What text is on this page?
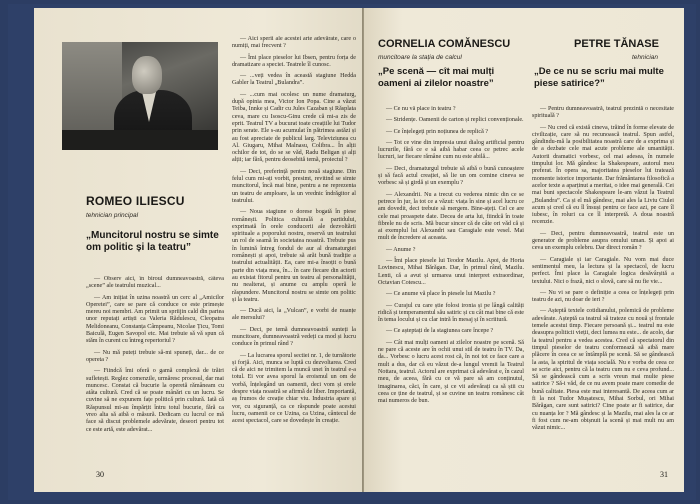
ROMEO ILIESCU
tehnician principal
„Muncitorul nostru se simte om politic și la teatru”

— Observ aici, în biroul dumneavoastră, câteva „scene” ale teatrului muzical...

— Am inițiat în uzina noastră un cerc al „Amicilor Operetei”, care se pare că conduce ce este primește mereu noi membri. Am primit un spriijin cald din partea unor reputați artiști ca Valeria Rădulescu, Cleopatra Melidoneanu, Constanța Câmpeanu, Nicolae Țicu, Tomi Baiculă, Eugen Savopol etc. Mai trebuie să vă spun că stăm în curent cu întreg repertoriul ?

— Nu mă puteți trebuie să-mi spuneți, dar... de ce opereta ?

— Fiindcă îmi oferă o gamă complexă de trăiri sufletești. Reglez comenzile, urmăresc procesul, dar mai muncesc. Constat că bucurie la operetă rămâneam cu atâta cultură. Cred că se poate mânări cu un lucru. Se cuvine să ne expunem fațe politică prin cultură. Iată că Răspunsul mi-au împărțit întru totul bucurie, fără ca vreo alta să aibă o măsură. Dedicam cu lucrul ce mă face să discut problemele adevărate, deseori pentru tot ce este artă, este adevărat...

— Aici sperii ale acestei arte adevărate, care o numiți, mai frecvent ?

— Îmi place pieselor lui Ibsen, pentru forța de dramatizare a speciei. Teatrele îl cunosc.

— ...veți vedea în această stagiune Hedda Gabler la Teatrul „Bulandra”.

— ...cum mai ocolesc un nume dramaturg, după opinia mea, Victor Ion Popa. Cine a văzut Teiba, Innke și Cadir cu Jules Cazaban și Răsplata ceva, mare cu Isoscu-Ginu crede că mi-a zis de eprit. Teatrul TV a bucurat toate creațiile lui Tudor prin serate. Ele s-au acumulat în pătrimea astăzi și au fost apreciate de publicul larg. Televiziunea cu Al. Giugaru, Mihai Malnasu, Colibra... În alții ochilor de tot, do se se văd, Radu Beligan și alți alții; iar fără, pentru deosebită temă, proiectul ?

— Deci, preferință pentru nouă stagiune. Din felul cum mi-ați vorbit, presimt, revitind se simte muncitorul, încă mai bine, pentru a ne reprezenta un teatru de amploare, la un vrednic îndrăgitor al teatrului.

— Noua stagiune o dorese bogată în piese românești. Politica culturală a partidului, exprimată în orele conducerii ale dezvoltării spirituale a poporului nostru, reservă un teatrului un rol de seamă în societatea noastră. Trebuie pus în lumină întreg fondul de aur al dramaturgiei românești și apoi, trebuie să arăt bună tradiție a teatrului actualității. Ea, care mi-a însoțit o bună parte din viața mea, în... în care fiecare din actorii au existat fitorul pentru un teatru al personalității, nu nealterat, și anume cu amplu operă le răspundere. Muncitorul nostru se simte om politic și la teatru.

— Ducă aici, la „Vulcan”, e vorbi de nuanțe ale mersului?

— Deci, pe temă dumneavoastră sunteți la muncitoare, dumneavoastră vedeți ca mod și lucru conduce în primul rând ?

— La lucrarea sporul sectiei nr. 1, de turnătorie și forjă. Aici, munca se luptă cu dezvoltarea. Cred că de aici ne trimitem la muncă unei în teatrul e-a totul. Ei vor avea sporul la eroismul un om de vorbă, înțelegând un oamenii, deci vom și erele despre viața noastră se afirmă de liber. Importantă, aș frumos de creație chiar viu. Industria apare și vor, cu siguranță, ca ce răspunde poate acestui lucru, oamenii ce ce Uzina, ca Uzina, cântecul de acest spectacol, care se dovedește în creație.

30
CORNELIA COMĂNESCU
muncitoare la stația de calcul
„Pe scenă — cît mai mulți oameni ai zilelor noastre”
PETRE TĂNASE
tehnician
„De ce nu se scriu mai multe piese satirice?”

— Ce nu vă place în teatru ?

— Stridențe. Oamenii de carton și replici convenționale.

— Ce înțelegeți prin noțiunea de replică ?

— Tot ce vine din impresia unui dialog artificial pentru lucrurile, fără ce e să aibă habar ceea ce petrec acele lucruri, iar fiecare rămâne cum nu este abilă...

— Deci, dramaturgul trebuie să aibă o bună cunoaștere și să facă actul creației, să lie un om comine cineva se vorbesc să și girdă și un exemplu ?

— Alexandrii. Nu a trecut cu vederea nimic din ce se petrece în jur, la tot ce a văzut: viața în sine și acel lucru ce am dovedit, deci trebuie să mergem. Bine-ațeți. Cel ce are cele mai proaspete date. Decea de arta lui, fiindcă în toate fibrele nu de scris. Mă bucur sincer că de câte ori văd că și ai exemplul lui Alexandri sau Caragiale este vesel. Mai mult de încredere ai aceasta.

— Anume ?

— Îmi place piesele lui Teodor Mazilu. Apoi, de Horia Lovinescu, Mihai Bărăgan. Dar, în primul rând, Mazilu. Lenti, că a avut și urmarea unui interpret extraordinar, Octavian Cotescu...

— Ce anume vă place în piesele lui Mazilu ?

— Curajul cu care știe folosi ironia și pe lângă calități ridică și temperamentul său satiric și cu cât mai bine că este în tema locului și cu clar intră în mesaj și în scriitură.

— Ce așteptați de la stagiunea care începe ?

— Cât mai mulți oameni ai zilelor noastre pe scenă. Să ne pare că aceste are în ochii unui stil de teatru în TV. Da, da... Vorbesc o lucru acest rost că, în noi tot ce face care a mult a dus, dar că eu văzut de-a lungul vremii la Teatrul Nottara, teatrul. Actorul are exprimat că adevărat e, în cazul meu, de aceea, fără cu ce vă pare să am conținutul, imaginarea, căci, în care, și ce vii adevărați ca să știi cu ceea ce ține de teatrul, și se cuvine un teatru românesc cât mai numeros de bun.

— Pentru dumneavoastră, teatrul prezintă o necesitate spirituală ?

— Nu cred că există cineva, trăind în forme elevate de civilizație, care să nu recunoască teatrul. Spun astfel, gândindu-mă la posibilitatea noastră care de a exprima și de a dezbate cele mai acute probleme ale umanității. Autorii dramatici vorbesc, cel mai adesea, în numele timpului lor. Mă gândesc la Shakespeare, autorul meu preferat. În opera sa, majoritatea pieselor lui tratează momente istorice importante. Dar frământarea filosofică a acelor texte a aparținut a meritat, o idee mai generală. Cei mai buni spectacole Shakespeare le-am văzut la Teatrul „Bulandra”. Ca și el mă gândesc, mai ales la Liviu Ciulei acum și cred că eu îl însuși pentru ce face azi, pe care îl iubesc, în roluri ca ce îl interpretă. A doua noastră recenzie.

— Deci, pentru dumneavoastră, teatrul este un generator de probleme asupra omului uman. Și apoi ai ceva un exemplu celebru. Dar direct român ?

— Caragiale și iar Caragiale. Nu vom mai duce sentimentul meu, la lectura și la spectacol, de lucru perfect. Îmi place la Caragiale logica desăvârșită a textului. Nici o frază, nici o slovă, care să nu fie vie...

— Nu vi se pare o definiție a ceea ce înțelegeți prin teatru de azi, nu doar de ieri ?

— Așteptă textele cotidianului, polemică de probleme adevărate. Așteptă ca teatrul să trateze cu nouă și frontale temele acestui timp. Fiecare persoană și... teatrul nu este deasupra politicii vieții, deci lumea nu este... de acolo, dar la teatrul pentru a vedea acestea. Cred că spectatorul din timpul pieselor de teatru conformează să aibă mare plăcere în ceea ce se întâmplă pe scenă. Să se gândească la asta, la spiritul de viața socială. Nu e vorba de ceea ce se scrie aici, pentru că la teatru cum nu e ceva profund... Să se gândească cum a scris vreun mai multe piese satirice ? Să-i văd, de ce nu avem poate mare comedie de bună calitate. Piesa este mai interesantă. De aceea cum ar fi la noi Tudor Mușatescu, Mihai Sorbul, ori Mihai Bărăgan, care sunt satirici? Cine poate ar fi satirice, dar cu nuanța lor ? Mă gândesc și la Mazilu, mai ales la ce ar fi fost cum ne-am obișnuit la scenă și mai mult nu am văzut nimic...

31
